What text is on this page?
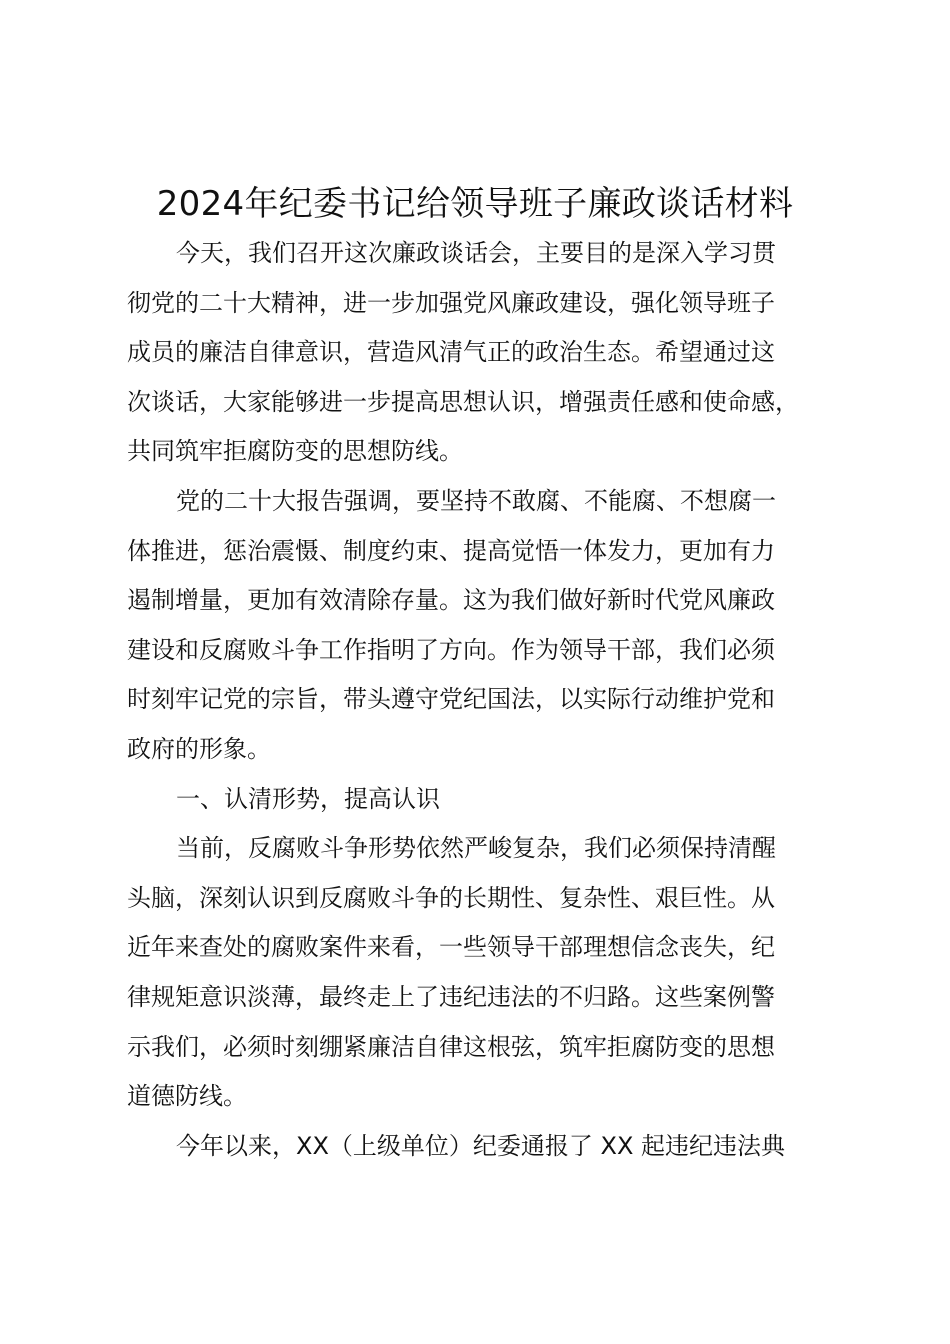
2024年纪委书记给领导班子廉政谈话材料

今天，我们召开这次廉政谈话会，主要目的是深入学习贯
彻党的二十大精神，进一步加强党风廉政建设，强化领导班子
成员的廉洁自律意识，营造风清气正的政治生态。希望通过这
次谈话，大家能够进一步提高思想认识，增强责任感和使命感，
共同筑牢拒腐防变的思想防线。

党的二十大报告强调，要坚持不敢腐、不能腐、不想腐一
体推进，惩治震慑、制度约束、提高觉悟一体发力，更加有力
遏制增量，更加有效清除存量。这为我们做好新时代党风廉政
建设和反腐败斗争工作指明了方向。作为领导干部，我们必须
时刻牢记党的宗旨，带头遵守党纪国法，以实际行动维护党和
政府的形象。

一、认清形势，提高认识

当前，反腐败斗争形势依然严峻复杂，我们必须保持清醒
头脑，深刻认识到反腐败斗争的长期性、复杂性、艰巨性。从
近年来查处的腐败案件来看，一些领导干部理想信念丧失，纪
律规矩意识淡薄，最终走上了违纪违法的不归路。这些案例警
示我们，必须时刻绷紧廉洁自律这根弦，筑牢拒腐防变的思想
道德防线。

今年以来，XX（上级单位）纪委通报了 XX 起违纪违法典
